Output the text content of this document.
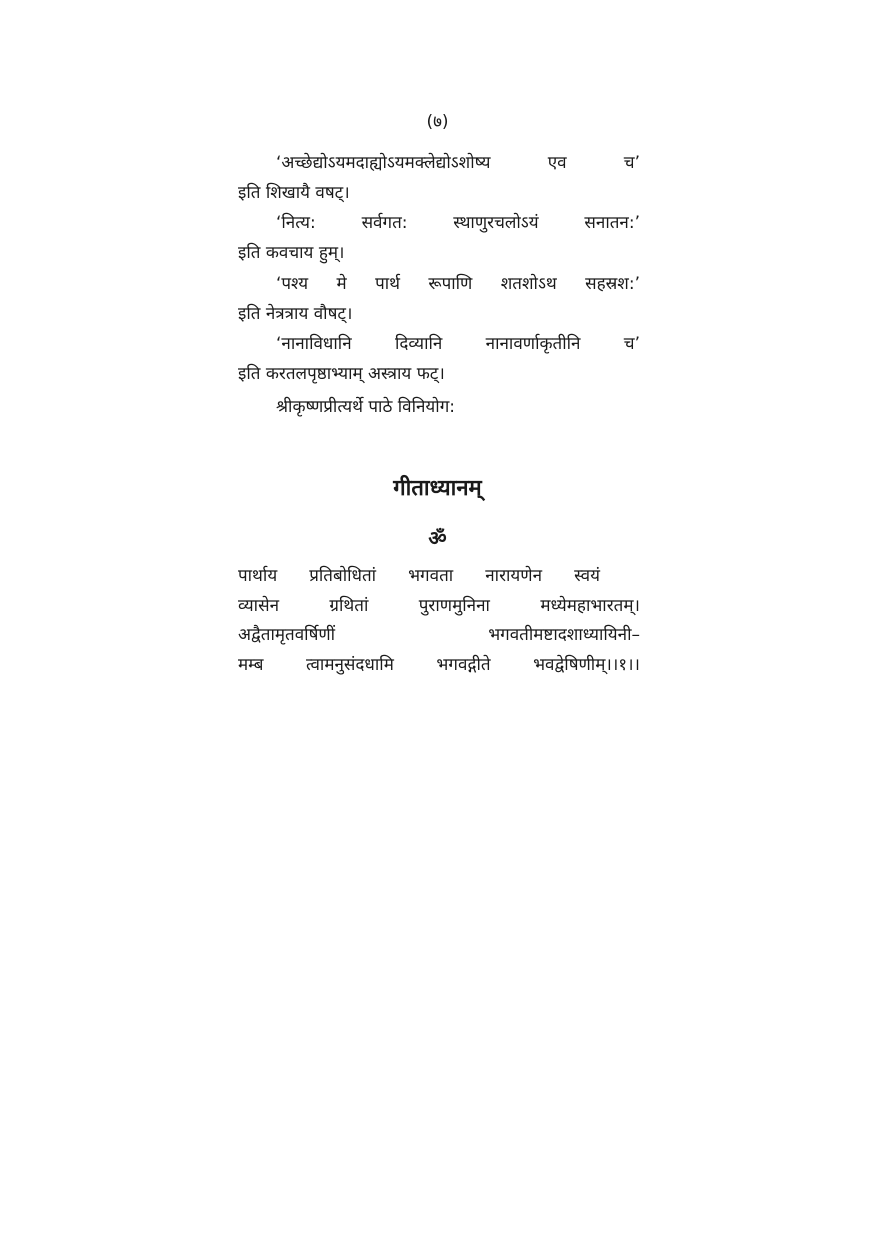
(७)
‘अच्छेद्योऽयमदाह्योऽयमक्लेद्योऽशोष्य	एव	च’
इति शिखायै वषट्।
‘नित्य:	सर्वगत:	स्थाणुरचलोऽयं	सनातन:’
इति कवचाय हुम्।
‘पश्य मे पार्थ रूपाणि शतशोऽथ सहस्रश:’
इति नेत्रत्राय वौषट्।
‘नानाविधानि	दिव्यानि	नानावर्णाकृतीनि	च’
इति करतलपृष्ठाभ्याम् अस्त्राय फट्।
श्रीकृष्णप्रीत्यर्थे पाठे विनियोग:
गीताध्यानम्
ॐ
पार्थाय प्रतिबोधितां भगवता नारायणेन स्वयं
व्यासेन	ग्रथितां	पुराणमुनिना	मध्येमहाभारतम्।
अद्वैतामृतवर्षिणीं	भगवतीमष्टादशाध्यायिनी–
मम्ब	त्वामनुसंदधामि	भगवद्गीते	भवद्वेषिणीम्।।१।।
